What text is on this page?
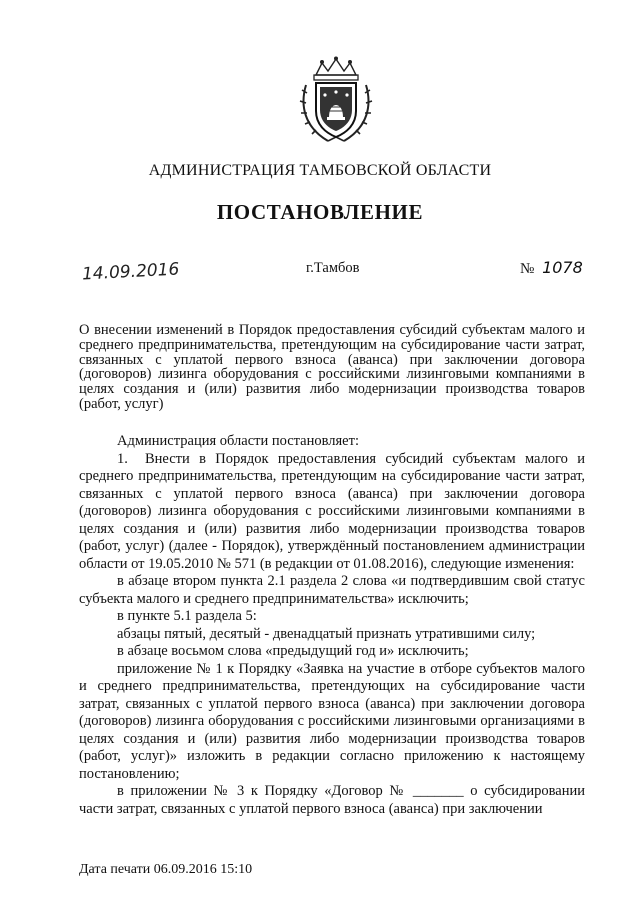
АДМИНИСТРАЦИЯ ТАМБОВСКОЙ ОБЛАСТИ
ПОСТАНОВЛЕНИЕ
14.09.2016	г.Тамбов	№ 1078
О внесении изменений в Порядок предоставления субсидий субъектам малого и среднего предпринимательства, претендующим на субсидирование части затрат, связанных с уплатой первого взноса (аванса) при заключении договора (договоров) лизинга оборудования с российскими лизинговыми компаниями в целях создания и (или) развития либо модернизации производства товаров (работ, услуг)

Администрация области постановляет:

1. Внести в Порядок предоставления субсидий субъектам малого и среднего предпринимательства, претендующим на субсидирование части затрат, связанных с уплатой первого взноса (аванса) при заключении договора (договоров) лизинга оборудования с российскими лизинговыми компаниями в целях создания и (или) развития либо модернизации производства товаров (работ, услуг) (далее - Порядок), утверждённый постановлением администрации области от 19.05.2010 № 571 (в редакции от 01.08.2016), следующие изменения:

в абзаце втором пункта 2.1 раздела 2 слова «и подтвердившим свой статус субъекта малого и среднего предпринимательства» исключить;

в пункте 5.1 раздела 5:

абзацы пятый, десятый - двенадцатый признать утратившими силу;

в абзаце восьмом слова «предыдущий год и» исключить;

приложение № 1 к Порядку «Заявка на участие в отборе субъектов малого и среднего предпринимательства, претендующих на субсидирование части затрат, связанных с уплатой первого взноса (аванса) при заключении договора (договоров) лизинга оборудования с российскими лизинговыми организациями в целях создания и (или) развития либо модернизации производства товаров (работ, услуг)» изложить в редакции согласно приложению к настоящему постановлению;

в приложении № 3 к Порядку «Договор № _______ о субсидировании части затрат, связанных с уплатой первого взноса (аванса) при заключении

Дата печати 06.09.2016 15:10
